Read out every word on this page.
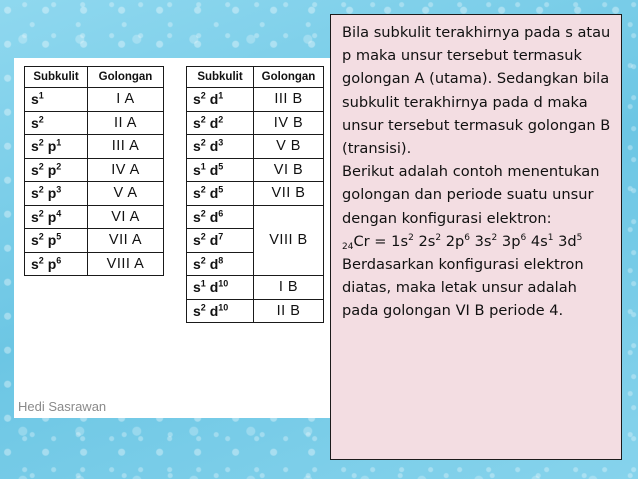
Subkulit	Golongan
$s^1$	I A
$s^2$	II A
$s^2$ $p^1$	III A
$s^2$ $p^2$	IV A
$s^2$ $p^3$	V A
$s^2$ $p^4$	VI A
$s^2$ $p^5$	VII A
$s^2$ $p^6$	VIII A
Subkulit	Golongan
$s^2$ $d^1$	III B
$s^2$ $d^2$	IV B
$s^2$ $d^3$	V B
$s^1$ $d^5$	VI B
$s^2$ $d^5$	VII B
$s^2$ $d^6$	VIII B
$s^2$ $d^7$
$s^2$ $d^8$
$s^1$ $d^{10}$	I B
$s^2$ $d^{10}$	II B
Hedi Sasrawan

Bila subkulit terakhirnya pada s atau p maka unsur tersebut termasuk golongan A (utama). Sedangkan bila subkulit terakhirnya pada d maka unsur tersebut termasuk golongan B (transisi).

Berikut adalah contoh menentukan golongan dan periode suatu unsur dengan konfigurasi elektron:

$_{24}Cr = 1s^2$ $2s^2$ $2p^6$ $3s^2$ $3p^6$ $4s^1$ $3d^5$

Berdasarkan konfigurasi elektron diatas, maka letak unsur adalah pada golongan VI B periode 4.
